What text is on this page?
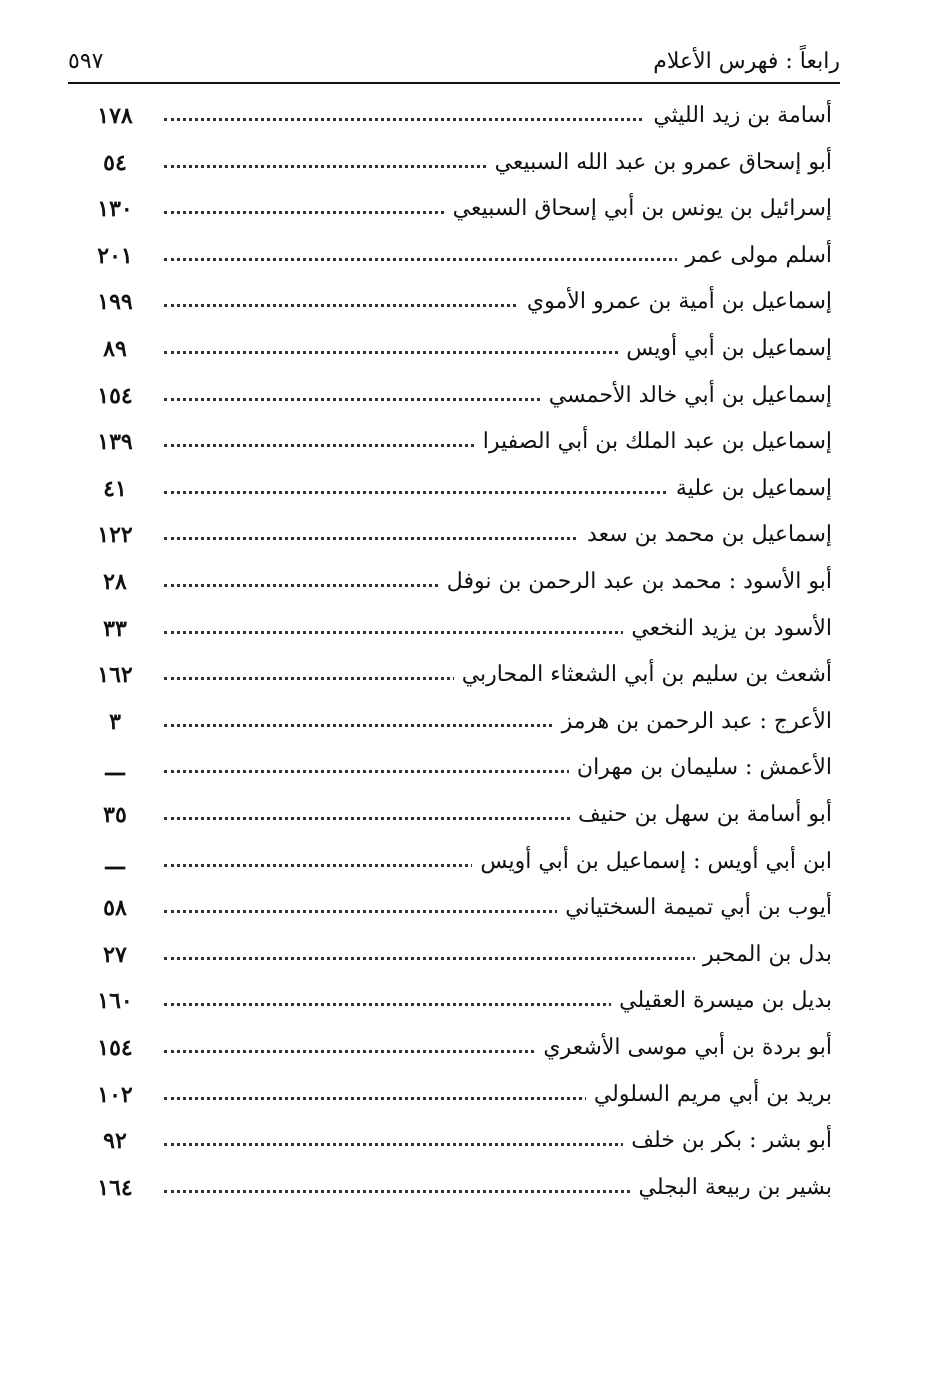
رابعاً : فهرس الأعلام
٥٩٧
أسامة بن زيد الليثي
١٧٨
أبو إسحاق عمرو بن عبد الله السبيعي
٥٤
إسرائيل بن يونس بن أبي إسحاق السبيعي
١٣٠
أسلم مولى عمر
٢٠١
إسماعيل بن أمية بن عمرو الأموي
١٩٩
إسماعيل بن أبي أويس
٨٩
إسماعيل بن أبي خالد الأحمسي
١٥٤
إسماعيل بن عبد الملك بن أبي الصفيرا
١٣٩
إسماعيل بن علية
٤١
إسماعيل بن محمد بن سعد
١٢٢
أبو الأسود : محمد بن عبد الرحمن بن نوفل
٢٨
الأسود بن يزيد النخعي
٣٣
أشعث بن سليم بن أبي الشعثاء المحاربي
١٦٢
الأعرج : عبد الرحمن بن هرمز
٣
الأعمش : سليمان بن مهران
ـــ
أبو أسامة بن سهل بن حنيف
٣٥
ابن أبي أويس : إسماعيل بن أبي أويس
ـــ
أيوب بن أبي تميمة السختياني
٥٨
بدل بن المحبر
٢٧
بديل بن ميسرة العقيلي
١٦٠
أبو بردة بن أبي موسى الأشعري
١٥٤
بريد بن أبي مريم السلولي
١٠٢
أبو بشر : بكر بن خلف
٩٢
بشير بن ربيعة البجلي
١٦٤
